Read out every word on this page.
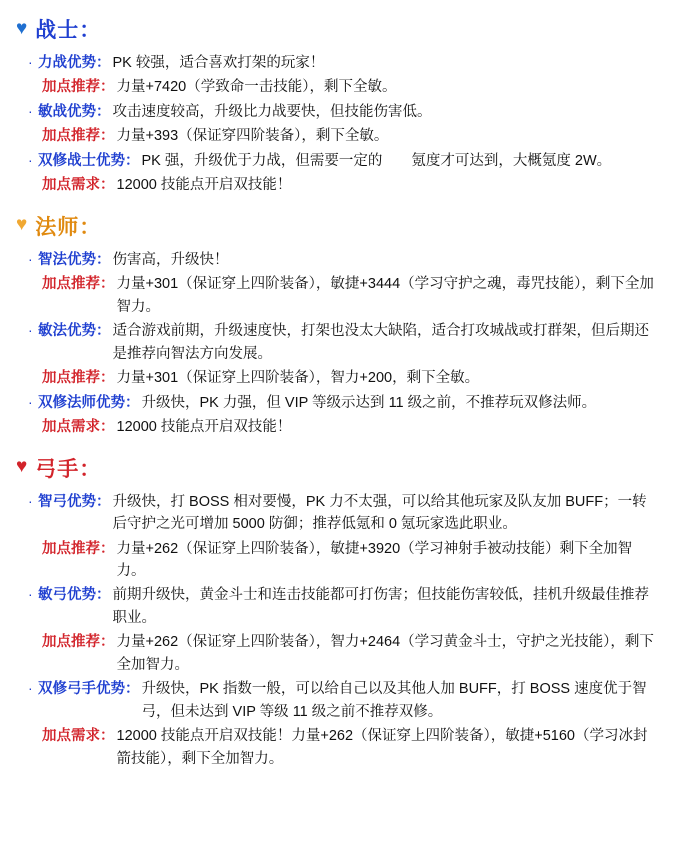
♥ 战士：
· 力战优势 ： PK 较强，适合喜欢打架的玩家！
加点推荐 ： 力量+7420（学致命一击技能），剩下全敏。
· 敏战优势 ： 攻击速度较高，升级比力战要快，但技能伤害低。
加点推荐 ： 力量+393（保证穿四阶装备），剩下全敏。
· 双修战士优势 ： PK 强，升级优于力战，但需要一定的　　氪度才可达到，大概氪度 2W。
加点需求 ： 12000 技能点开启双技能！
♥ 法师：
· 智法优势 ： 伤害高，升级快！
加点推荐 ： 力量+301（保证穿上四阶装备），敏捷+3444（学习守护之魂，毒咒技能），剩下全加智力。
· 敏法优势 ： 适合游戏前期，升级速度快，打架也没太大缺陷，适合打攻城战或打群架，但后期还是推荐向智法方向发展。
加点推荐 ： 力量+301（保证穿上四阶装备），智力+200，剩下全敏。
· 双修法师优势 ： 升级快，PK 力强，但 VIP 等级示达到 11 级之前，不推荐玩双修法师。
加点需求 ： 12000 技能点开启双技能！
♥ 弓手：
· 智弓优势 ： 升级快，打 BOSS 相对要慢，PK 力不太强，可以给其他玩家及队友加 BUFF；一转后守护之光可增加 5000 防御；推荐低氪和 0 氪玩家选此职业。
加点推荐 ： 力量+262（保证穿上四阶装备），敏捷+3920（学习神射手被动技能）剩下全加智力。
· 敏弓优势 ： 前期升级快，黄金斗士和连击技能都可打伤害；但技能伤害较低，挂机升级最佳推荐职业。
加点推荐 ： 力量+262（保证穿上四阶装备），智力+2464（学习黄金斗士，守护之光技能），剩下全加智力。
· 双修弓手优势 ： 升级快，PK 指数一般，可以给自己以及其他人加 BUFF，打 BOSS 速度优于智弓，但未达到 VIP 等级 11 级之前不推荐双修。
加点需求 ： 12000 技能点开启双技能！力量+262（保证穿上四阶装备），敏捷+5160（学习冰封箭技能），剩下全加智力。
